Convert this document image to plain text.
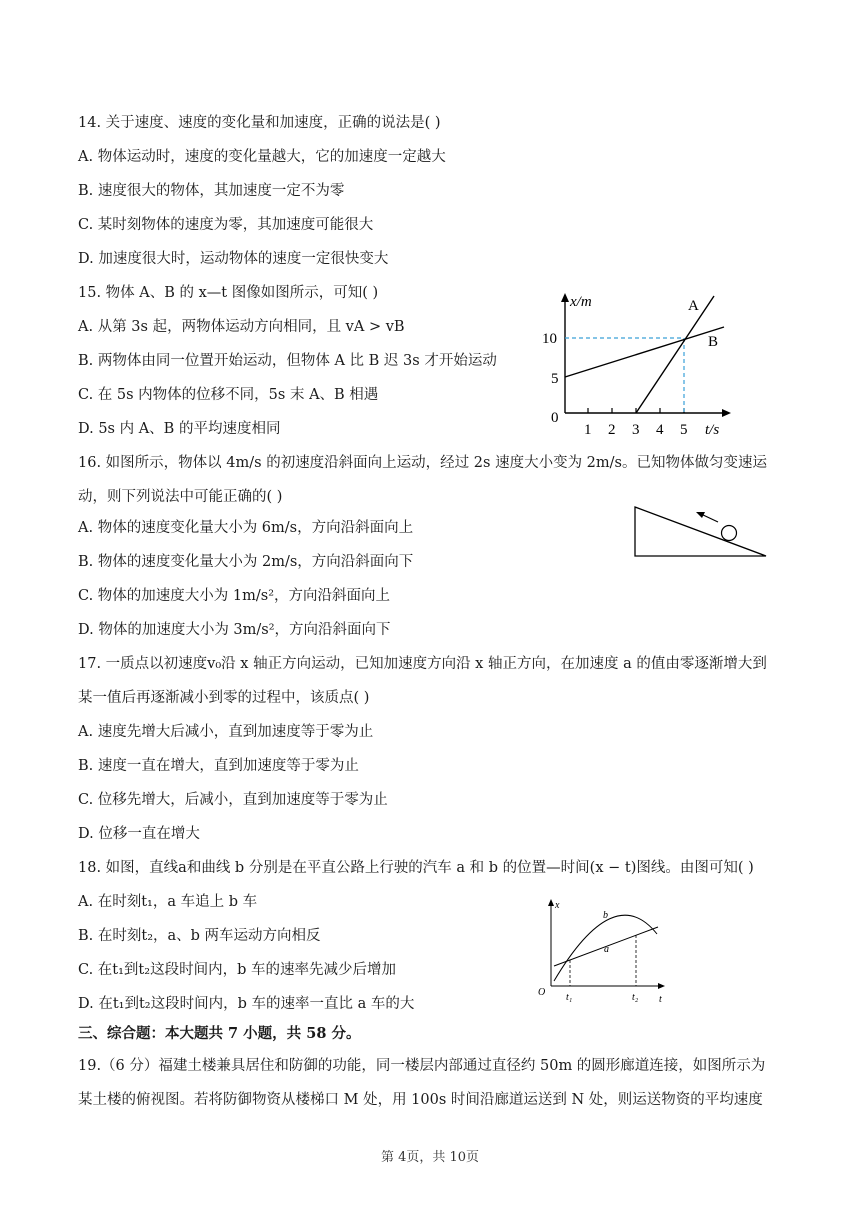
14. 关于速度、速度的变化量和加速度，正确的说法是( )
A. 物体运动时，速度的变化量越大，它的加速度一定越大
B. 速度很大的物体，其加速度一定不为零
C. 某时刻物体的速度为零，其加速度可能很大
D. 加速度很大时，运动物体的速度一定很快变大
15. 物体 A、B 的 x—t 图像如图所示，可知( )
A. 从第 3s 起，两物体运动方向相同，且 vA > vB
B. 两物体由同一位置开始运动，但物体 A 比 B 迟 3s 才开始运动
C. 在 5s 内物体的位移不同，5s 末 A、B 相遇
D. 5s 内 A、B 的平均速度相同
x/m
t/s
0
5
10
1 2 3 4 5
A
B
16. 如图所示，物体以 4m/s 的初速度沿斜面向上运动，经过 2s 速度大小变为 2m/s。已知物体做匀变速运
动，则下列说法中可能正确的( )
A. 物体的速度变化量大小为 6m/s，方向沿斜面向上
B. 物体的速度变化量大小为 2m/s，方向沿斜面向下
C. 物体的加速度大小为 1m/s²，方向沿斜面向上
D. 物体的加速度大小为 3m/s²，方向沿斜面向下
17. 一质点以初速度v₀沿 x 轴正方向运动，已知加速度方向沿 x 轴正方向，在加速度 a 的值由零逐渐增大到
某一值后再逐渐减小到零的过程中，该质点( )
A. 速度先增大后减小，直到加速度等于零为止
B. 速度一直在增大，直到加速度等于零为止
C. 位移先增大，后减小，直到加速度等于零为止
D. 位移一直在增大
18. 如图，直线a和曲线 b 分别是在平直公路上行驶的汽车 a 和 b 的位置—时间(x − t)图线。由图可知( )
A. 在时刻t₁，a 车追上 b 车
B. 在时刻t₂，a、b 两车运动方向相反
C. 在t₁到t₂这段时间内，b 车的速率先减少后增加
D. 在t₁到t₂这段时间内，b 车的速率一直比 a 车的大
x
t
O t₁	t₂
b
a
三、综合题：本大题共 7 小题，共 58 分。
19.（6 分）福建土楼兼具居住和防御的功能，同一楼层内部通过直径约 50m 的圆形廊道连接，如图所示为
某土楼的俯视图。若将防御物资从楼梯口 M 处，用 100s 时间沿廊道运送到 N 处，则运送物资的平均速度
第 4页，共 10页
